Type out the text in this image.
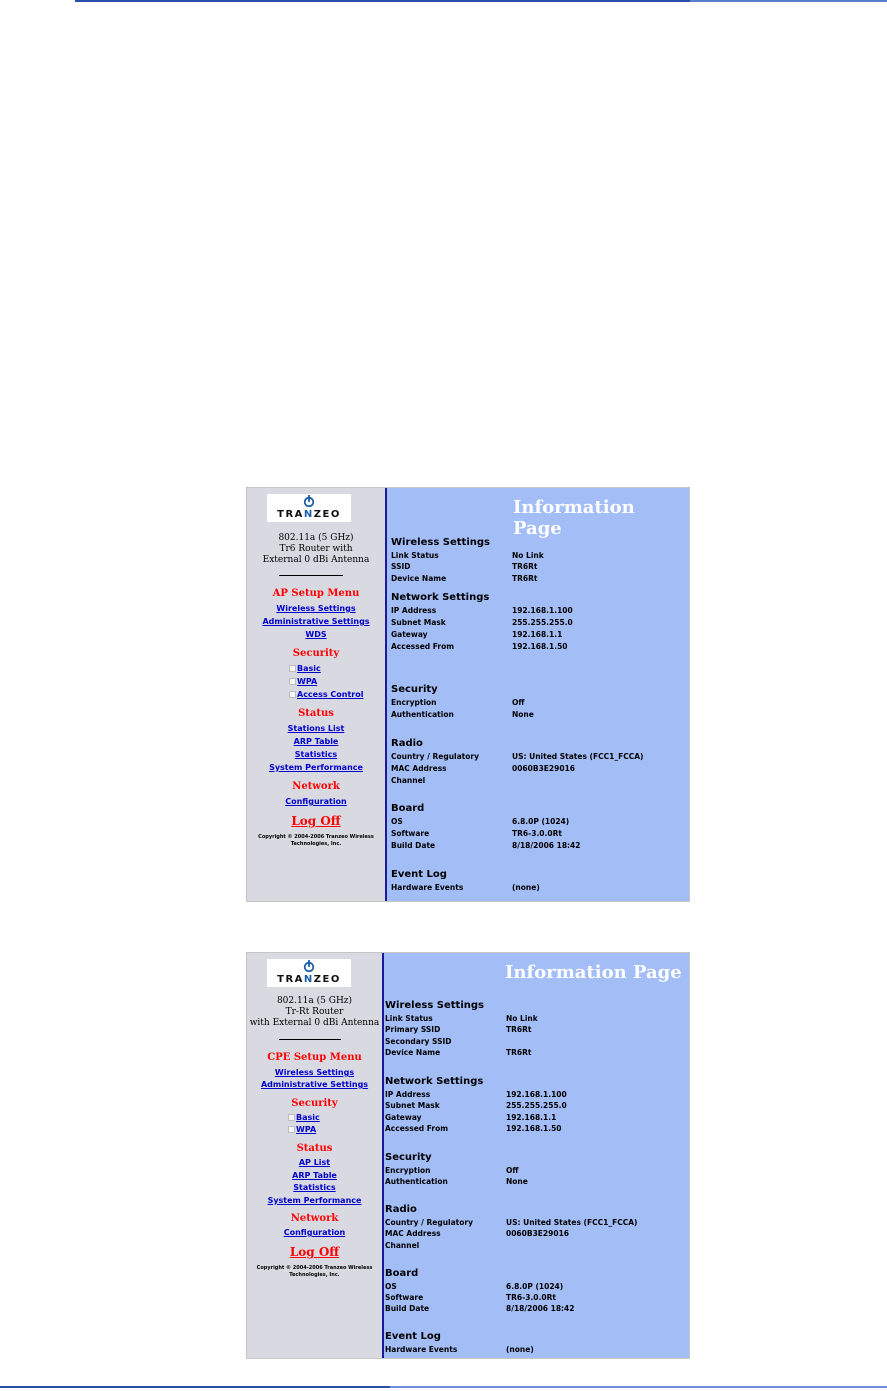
TRANZEO
802.11a (5 GHz)
Tr6 Router with
External 0 dBi Antenna
AP Setup Menu
Wireless Settings
Administrative Settings
WDS
Security
Basic
WPA
Access Control
Status
Stations List
ARP Table
Statistics
System Performance
Network
Configuration
Log Off
Copyright © 2004-2006 Tranzeo Wireless
Technologies, Inc.
Information Page
Wireless Settings
Link Status	No Link
SSID	TR6Rt
Device Name	TR6Rt
Network Settings
IP Address	192.168.1.100
Subnet Mask	255.255.255.0
Gateway	192.168.1.1
Accessed From	192.168.1.50
Security
Encryption	Off
Authentication	None
Radio
Country / Regulatory	US: United States (FCC1_FCCA)
MAC Address	0060B3E29016
Channel
Board
OS	6.8.0P (1024)
Software	TR6-3.0.0Rt
Build Date	8/18/2006 18:42
Event Log
Hardware Events	(none)
TRANZEO
802.11a (5 GHz)
Tr-Rt Router
with External 0 dBi Antenna
CPE Setup Menu
Wireless Settings
Administrative Settings
Security
Basic
WPA
Status
AP List
ARP Table
Statistics
System Performance
Network
Configuration
Log Off
Copyright © 2004-2006 Tranzeo Wireless
Technologies, Inc.
Information Page
Wireless Settings
Link Status	No Link
Primary SSID	TR6Rt
Secondary SSID
Device Name	TR6Rt
Network Settings
IP Address	192.168.1.100
Subnet Mask	255.255.255.0
Gateway	192.168.1.1
Accessed From	192.168.1.50
Security
Encryption	Off
Authentication	None
Radio
Country / Regulatory	US: United States (FCC1_FCCA)
MAC Address	0060B3E29016
Channel
Board
OS	6.8.0P (1024)
Software	TR6-3.0.0Rt
Build Date	8/18/2006 18:42
Event Log
Hardware Events	(none)
